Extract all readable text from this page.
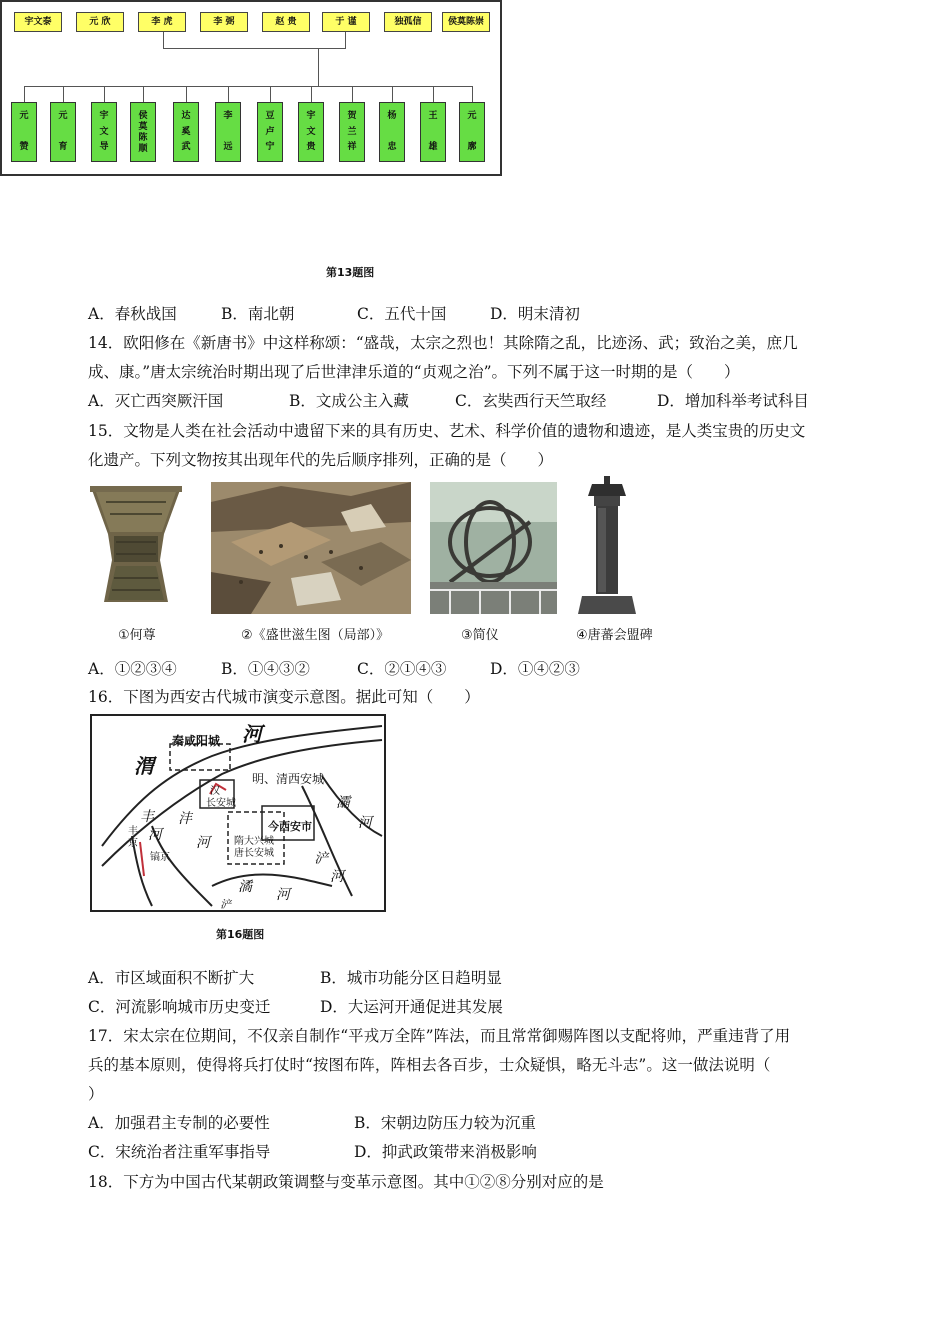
宇文泰	元 欣	李 虎	李 弼	赵 贵	于 谨	独孤信	侯莫陈崇
元
赞
元
育
宇
文
导
侯
莫
陈
顺
达
奚
武
李
远
豆
卢
宁
宇
文
贵
贺
兰
祥
杨
忠
王
雄
元
廓
第13题图
A．春秋战国	B．南北朝	C．五代十国	D．明末清初
14．欧阳修在《新唐书》中这样称颂：“盛哉，太宗之烈也！其除隋之乱，比迹汤、武；致治之美，庶几
成、康。”唐太宗统治时期出现了后世津津乐道的“贞观之治”。下列不属于这一时期的是（　　）
A．灭亡西突厥汗国	B．文成公主入藏	C．玄奘西行天竺取经	D．增加科举考试科目
15．文物是人类在社会活动中遗留下来的具有历史、艺术、科学价值的遗物和遗迹，是人类宝贵的历史文
化遗产。下列文物按其出现年代的先后顺序排列，正确的是（　　）
①何尊	②《盛世滋生图（局部）》	③简仪	④唐蕃会盟碑
A．①②③④	B．①④③②	C．②①④③	D．①④②③
16．下图为西安古代城市演变示意图。据此可知（　　）
渭
河
秦咸阳城
明、清西安城
汉
长安城
隋大兴城
唐长安城
今西安市
丰 沣
河 河
丰
京
镐京
灞
河
浐
河
潏 河
浐
第16题图
A．市区域面积不断扩大	B．城市功能分区日趋明显
C．河流影响城市历史变迁	D．大运河开通促进其发展
17．宋太宗在位期间，不仅亲自制作“平戎万全阵”阵法，而且常常御赐阵图以支配将帅，严重违背了用
兵的基本原则，使得将兵打仗时“按图布阵，阵相去各百步，士众疑惧，略无斗志”。这一做法说明（
）
A．加强君主专制的必要性	B．宋朝边防压力较为沉重
C．宋统治者注重军事指导	D．抑武政策带来消极影响
18．下方为中国古代某朝政策调整与变革示意图。其中①②⑧分别对应的是
